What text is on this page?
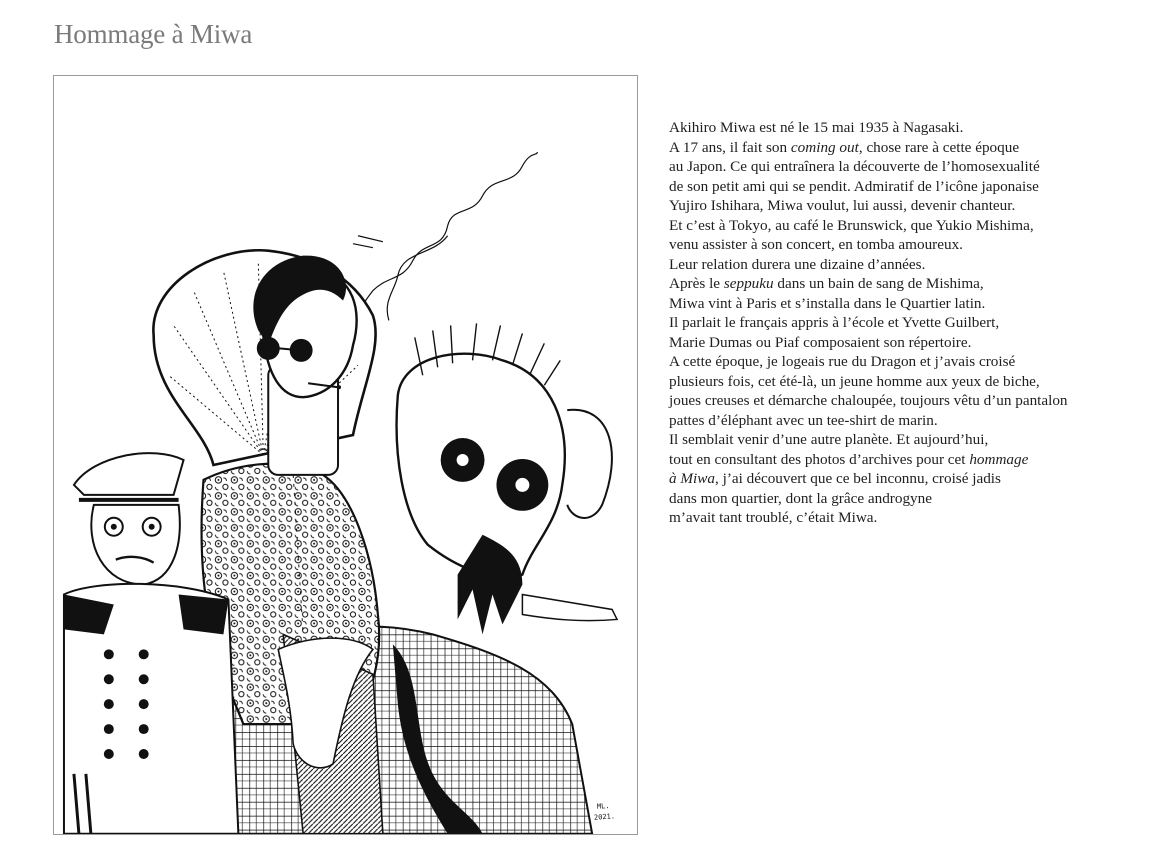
Hommage à Miwa
ML.
2021.
Akihiro Miwa est né le 15 mai 1935 à Nagasaki.
A 17 ans, il fait son coming out, chose rare à cette époque
au Japon. Ce qui entraînera la découverte de l’homosexualité
de son petit ami qui se pendit. Admiratif de l’icône japonaise
Yujiro Ishihara, Miwa voulut, lui aussi, devenir chanteur.
Et c’est à Tokyo, au café le Brunswick, que Yukio Mishima,
venu assister à son concert, en tomba amoureux.
Leur relation durera une dizaine d’années.
Après le seppuku dans un bain de sang de Mishima,
Miwa vint à Paris et s’installa dans le Quartier latin.
Il parlait le français appris à l’école et Yvette Guilbert,
Marie Dumas ou Piaf composaient son répertoire.
A cette époque, je logeais rue du Dragon et j’avais croisé
plusieurs fois, cet été-là, un jeune homme aux yeux de biche,
joues creuses et démarche chaloupée, toujours vêtu d’un pantalon
pattes d’éléphant avec un tee-shirt de marin.
Il semblait venir d’une autre planète. Et aujourd’hui,
tout en consultant des photos d’archives pour cet hommage
à Miwa, j’ai découvert que ce bel inconnu, croisé jadis
dans mon quartier, dont la grâce androgyne
m’avait tant troublé, c’était Miwa.
